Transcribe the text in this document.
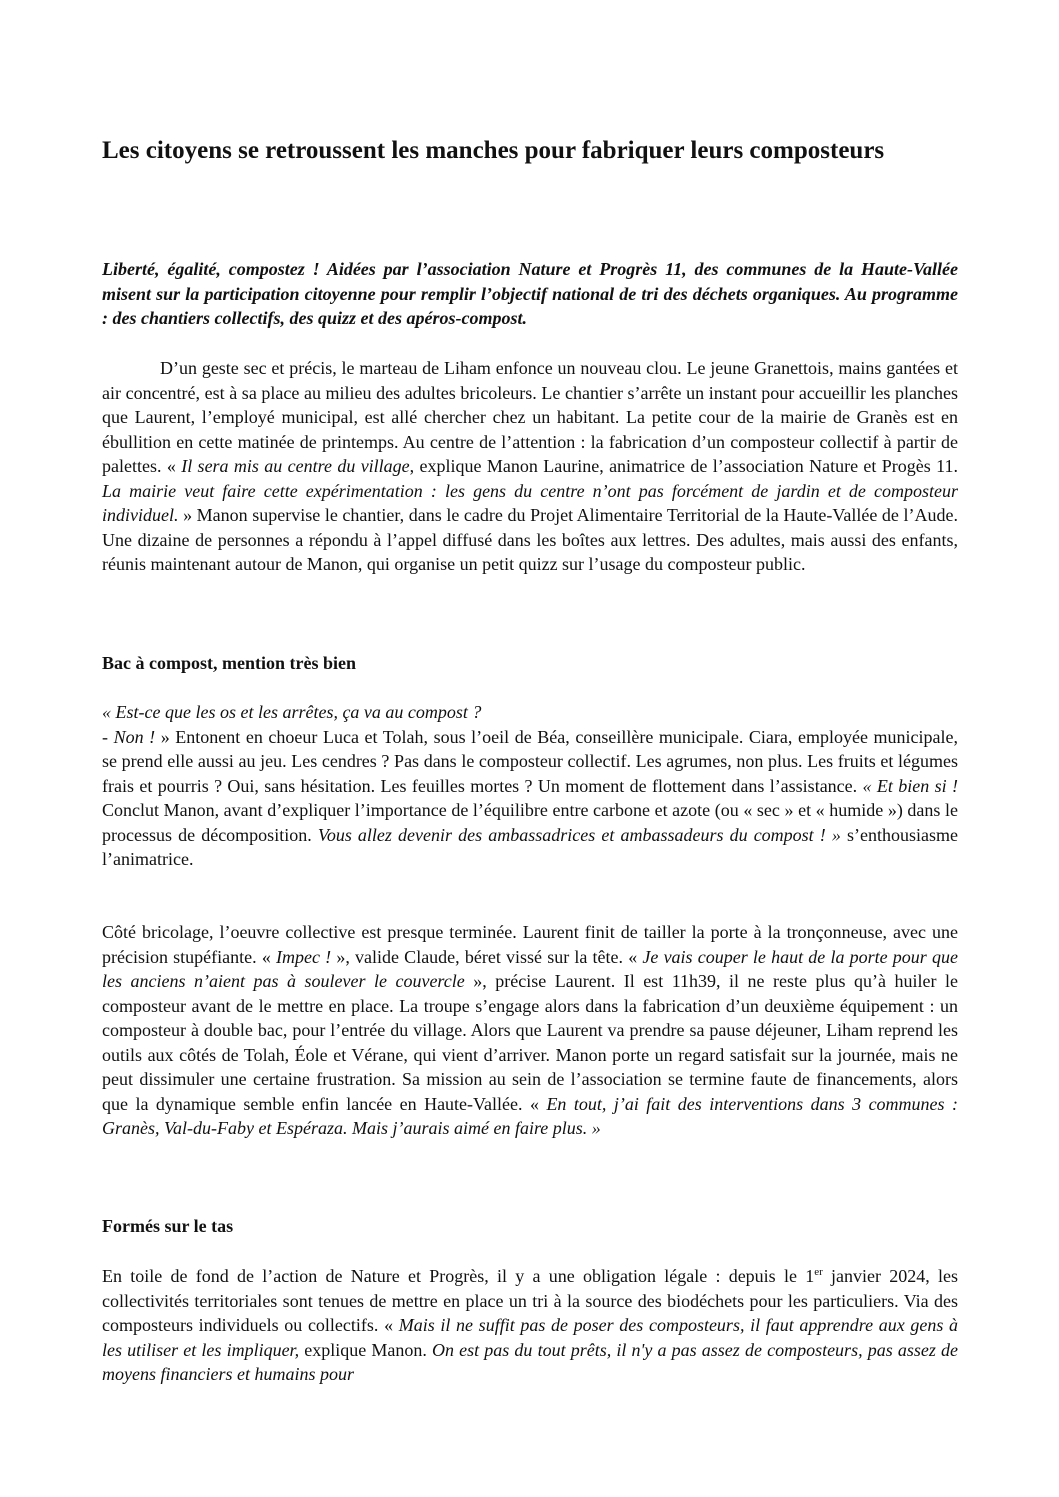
Les citoyens se retroussent les manches pour fabriquer leurs composteurs

Liberté, égalité, compostez ! Aidées par l’association Nature et Progrès 11, des communes de la Haute-Vallée misent sur la participation citoyenne pour remplir l’objectif national de tri des déchets organiques. Au programme : des chantiers collectifs, des quizz et des apéros-compost.

D’un geste sec et précis, le marteau de Liham enfonce un nouveau clou. Le jeune Granettois, mains gantées et air concentré, est à sa place au milieu des adultes bricoleurs. Le chantier s’arrête un instant pour accueillir les planches que Laurent, l’employé municipal, est allé chercher chez un habitant. La petite cour de la mairie de Granès est en ébullition en cette matinée de printemps. Au centre de l’attention : la fabrication d’un composteur collectif à partir de palettes. « Il sera mis au centre du village, explique Manon Laurine, animatrice de l’association Nature et Progès 11. La mairie veut faire cette expérimentation : les gens du centre n’ont pas forcément de jardin et de composteur individuel. » Manon supervise le chantier, dans le cadre du Projet Alimentaire Territorial de la Haute-Vallée de l’Aude. Une dizaine de personnes a répondu à l’appel diffusé dans les boîtes aux lettres. Des adultes, mais aussi des enfants, réunis maintenant autour de Manon, qui organise un petit quizz sur l’usage du composteur public.

Bac à compost, mention très bien

« Est-ce que les os et les arrêtes, ça va au compost ?
- Non ! » Entonent en choeur Luca et Tolah, sous l’oeil de Béa, conseillère municipale. Ciara, employée municipale, se prend elle aussi au jeu. Les cendres ? Pas dans le composteur collectif. Les agrumes, non plus. Les fruits et légumes frais et pourris ? Oui, sans hésitation. Les feuilles mortes ? Un moment de flottement dans l’assistance. « Et bien si ! Conclut Manon, avant d’expliquer l’importance de l’équilibre entre carbone et azote (ou « sec » et « humide ») dans le processus de décomposition. Vous allez devenir des ambassadrices et ambassadeurs du compost ! » s’enthousiasme l’animatrice.

Côté bricolage, l’oeuvre collective est presque terminée. Laurent finit de tailler la porte à la tronçonneuse, avec une précision stupéfiante. « Impec ! », valide Claude, béret vissé sur la tête. « Je vais couper le haut de la porte pour que les anciens n’aient pas à soulever le couvercle », précise Laurent. Il est 11h39, il ne reste plus qu’à huiler le composteur avant de le mettre en place. La troupe s’engage alors dans la fabrication d’un deuxième équipement : un composteur à double bac, pour l’entrée du village. Alors que Laurent va prendre sa pause déjeuner, Liham reprend les outils aux côtés de Tolah, Éole et Vérane, qui vient d’arriver. Manon porte un regard satisfait sur la journée, mais ne peut dissimuler une certaine frustration. Sa mission au sein de l’association se termine faute de financements, alors que la dynamique semble enfin lancée en Haute-Vallée. « En tout, j’ai fait des interventions dans 3 communes : Granès, Val-du-Faby et Espéraza. Mais j’aurais aimé en faire plus. »

Formés sur le tas

En toile de fond de l’action de Nature et Progrès, il y a une obligation légale : depuis le 1er janvier 2024, les collectivités territoriales sont tenues de mettre en place un tri à la source des biodéchets pour les particuliers. Via des composteurs individuels ou collectifs. « Mais il ne suffit pas de poser des composteurs, il faut apprendre aux gens à les utiliser et les impliquer, explique Manon. On est pas du tout prêts, il n'y a pas assez de composteurs, pas assez de moyens financiers et humains pour
